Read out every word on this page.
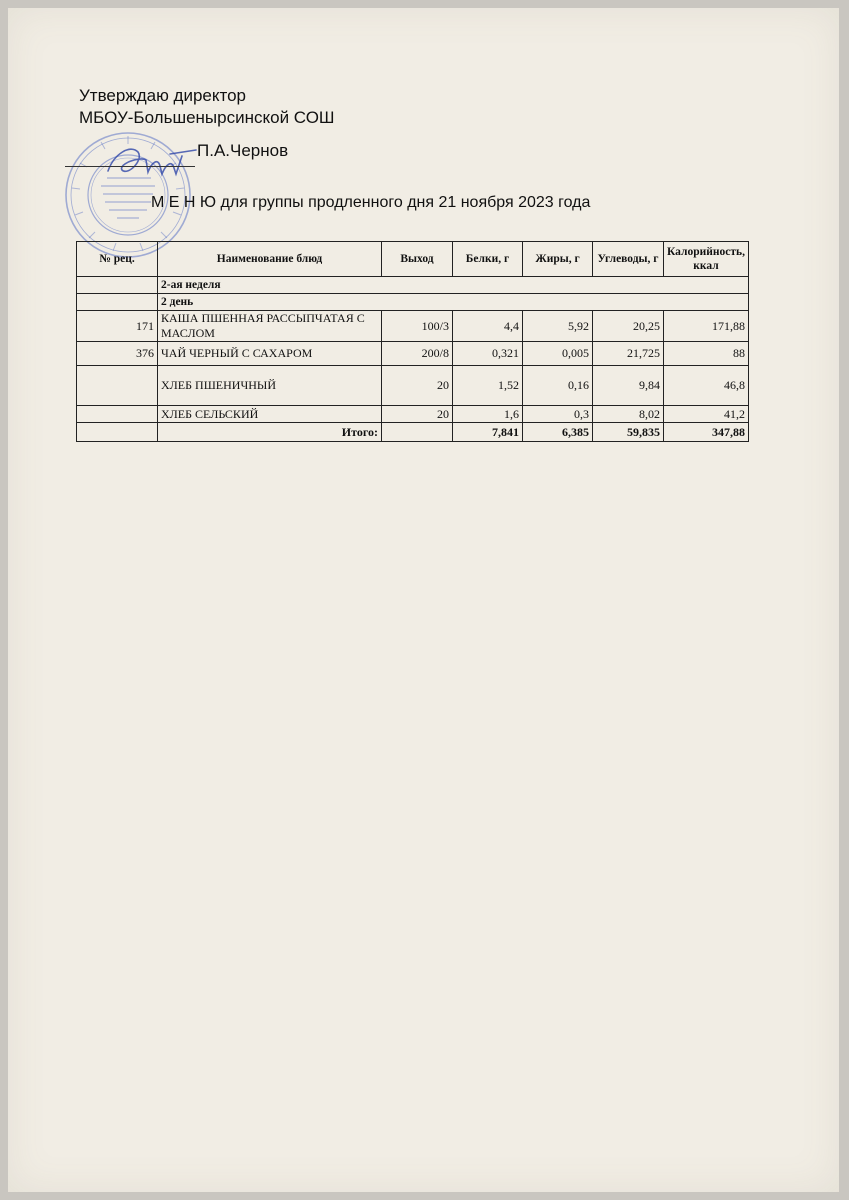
Утверждаю директор
МБОУ-Большенырсинской СОШ
П.А.Чернов
М Е Н Ю для группы продленного дня 21 ноября 2023 года
№ рец.	Наименование блюд	Выход	Белки, г	Жиры, г	Углеводы, г	Калорийность, ккал
	2-ая неделя					
	2 день					
171	КАША ПШЕННАЯ РАССЫПЧАТАЯ С МАСЛОМ	100/3	4,4	5,92	20,25	171,88
376	ЧАЙ ЧЕРНЫЙ С САХАРОМ	200/8	0,321	0,005	21,725	88
	ХЛЕБ ПШЕНИЧНЫЙ	20	1,52	0,16	9,84	46,8
	ХЛЕБ СЕЛЬСКИЙ	20	1,6	0,3	8,02	41,2
	Итого:		7,841	6,385	59,835	347,88
